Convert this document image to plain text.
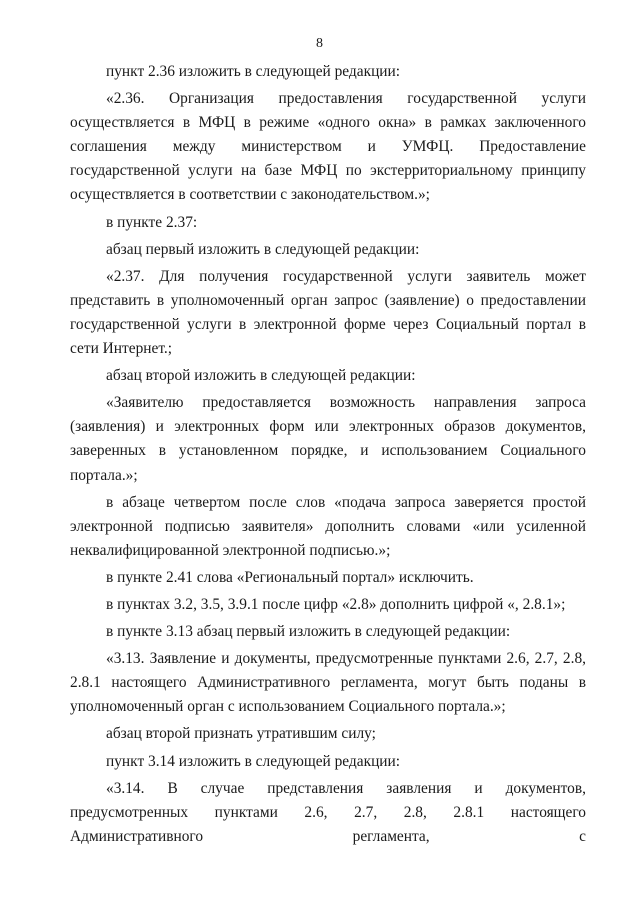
8

пункт 2.36 изложить в следующей редакции:

«2.36. Организация предоставления государственной услуги осуществляется в МФЦ в режиме «одного окна» в рамках заключенного соглашения между министерством и УМФЦ. Предоставление государственной услуги на базе МФЦ по экстерриториальному принципу осуществляется в соответствии с законодательством.»;

в пункте 2.37:

абзац первый изложить в следующей редакции:

«2.37. Для получения государственной услуги заявитель может представить в уполномоченный орган запрос (заявление) о предоставлении государственной услуги в электронной форме через Социальный портал в сети Интернет.;

абзац второй изложить в следующей редакции:

«Заявителю предоставляется возможность направления запроса (заявления) и электронных форм или электронных образов документов, заверенных в установленном порядке, и использованием Социального портала.»;

в абзаце четвертом после слов «подача запроса заверяется простой электронной подписью заявителя» дополнить словами «или усиленной неквалифицированной электронной подписью.»;

в пункте 2.41 слова «Региональный портал» исключить.

в пунктах 3.2, 3.5, 3.9.1 после цифр «2.8» дополнить цифрой «, 2.8.1»;

в пункте 3.13 абзац первый изложить в следующей редакции:

«3.13. Заявление и документы, предусмотренные пунктами 2.6, 2.7, 2.8, 2.8.1 настоящего Административного регламента, могут быть поданы в уполномоченный орган с использованием Социального портала.»;

абзац второй признать утратившим силу;

пункт 3.14 изложить в следующей редакции:

«3.14. В случае представления заявления и документов, предусмотренных пунктами 2.6, 2.7, 2.8, 2.8.1 настоящего Административного регламента, с
